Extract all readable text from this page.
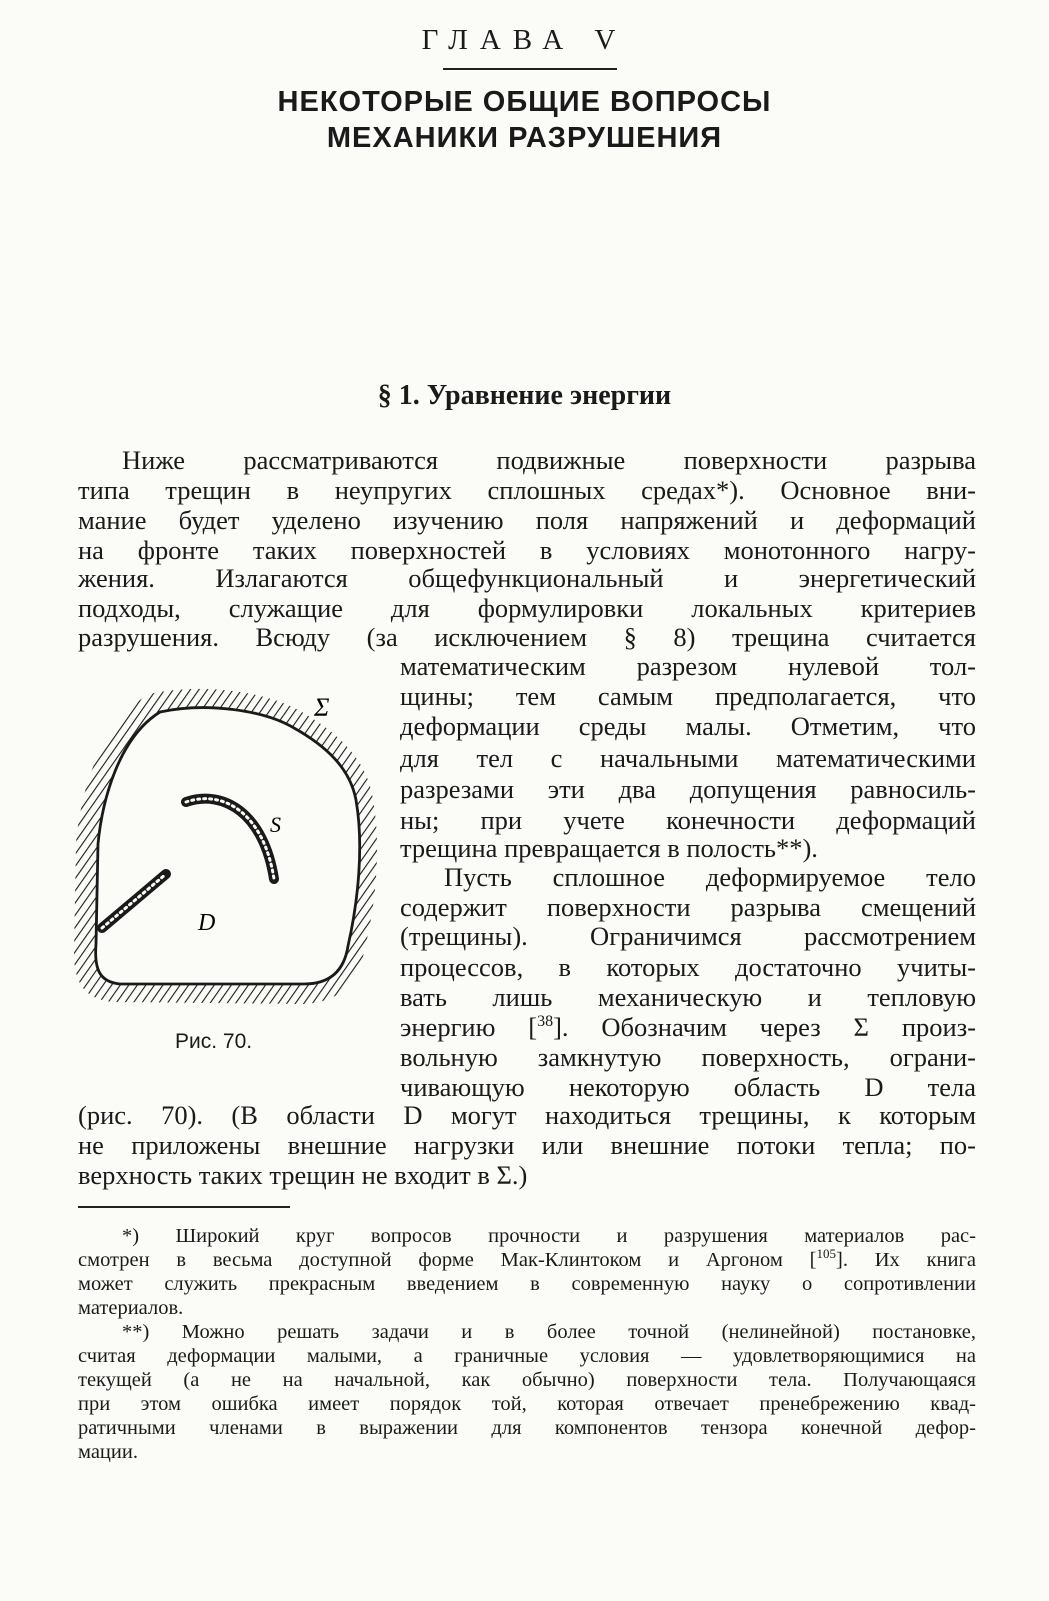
ГЛАВА V
НЕКОТОРЫЕ ОБЩИЕ ВОПРОСЫ
МЕХАНИКИ РАЗРУШЕНИЯ
§ 1. Уравнение энергии
Ниже рассматриваются подвижные поверхности разрыва
типа трещин в неупругих сплошных средах*). Основное вни-
мание будет уделено изучению поля напряжений и деформаций
на фронте таких поверхностей в условиях монотонного нагру-
жения. Излагаются общефункциональный и энергетический
подходы, служащие для формулировки локальных критериев
разрушения. Всюду (за исключением § 8) трещина считается
математическим разрезом нулевой тол-
щины; тем самым предполагается, что
деформации среды малы. Отметим, что
для тел с начальными математическими
разрезами эти два допущения равносиль-
ны; при учете конечности деформаций
трещина превращается в полость**).
Пусть сплошное деформируемое тело
содержит поверхности разрыва смещений
(трещины). Ограничимся рассмотрением
процессов, в которых достаточно учиты-
вать лишь механическую и тепловую
энергию [$^{38}$]. Обозначим через Σ произ-
вольную замкнутую поверхность, ограни-
чивающую некоторую область D тела
(рис. 70). (В области D могут находиться трещины, к которым
не приложены внешние нагрузки или внешние потоки тепла; по-
верхность таких трещин не входит в Σ.)
Σ
S
D
Рис. 70.
*) Широкий круг вопросов прочности и разрушения материалов рас-
смотрен в весьма доступной форме Мак-Клинтоком и Аргоном [$^{105}$]. Их книга
может служить прекрасным введением в современную науку о сопротивлении
материалов.
**) Можно решать задачи и в более точной (нелинейной) постановке,
считая деформации малыми, а граничные условия — удовлетворяющимися на
текущей (а не на начальной, как обычно) поверхности тела. Получающаяся
при этом ошибка имеет порядок той, которая отвечает пренебрежению квад-
ратичными членами в выражении для компонентов тензора конечной дефор-
мации.
